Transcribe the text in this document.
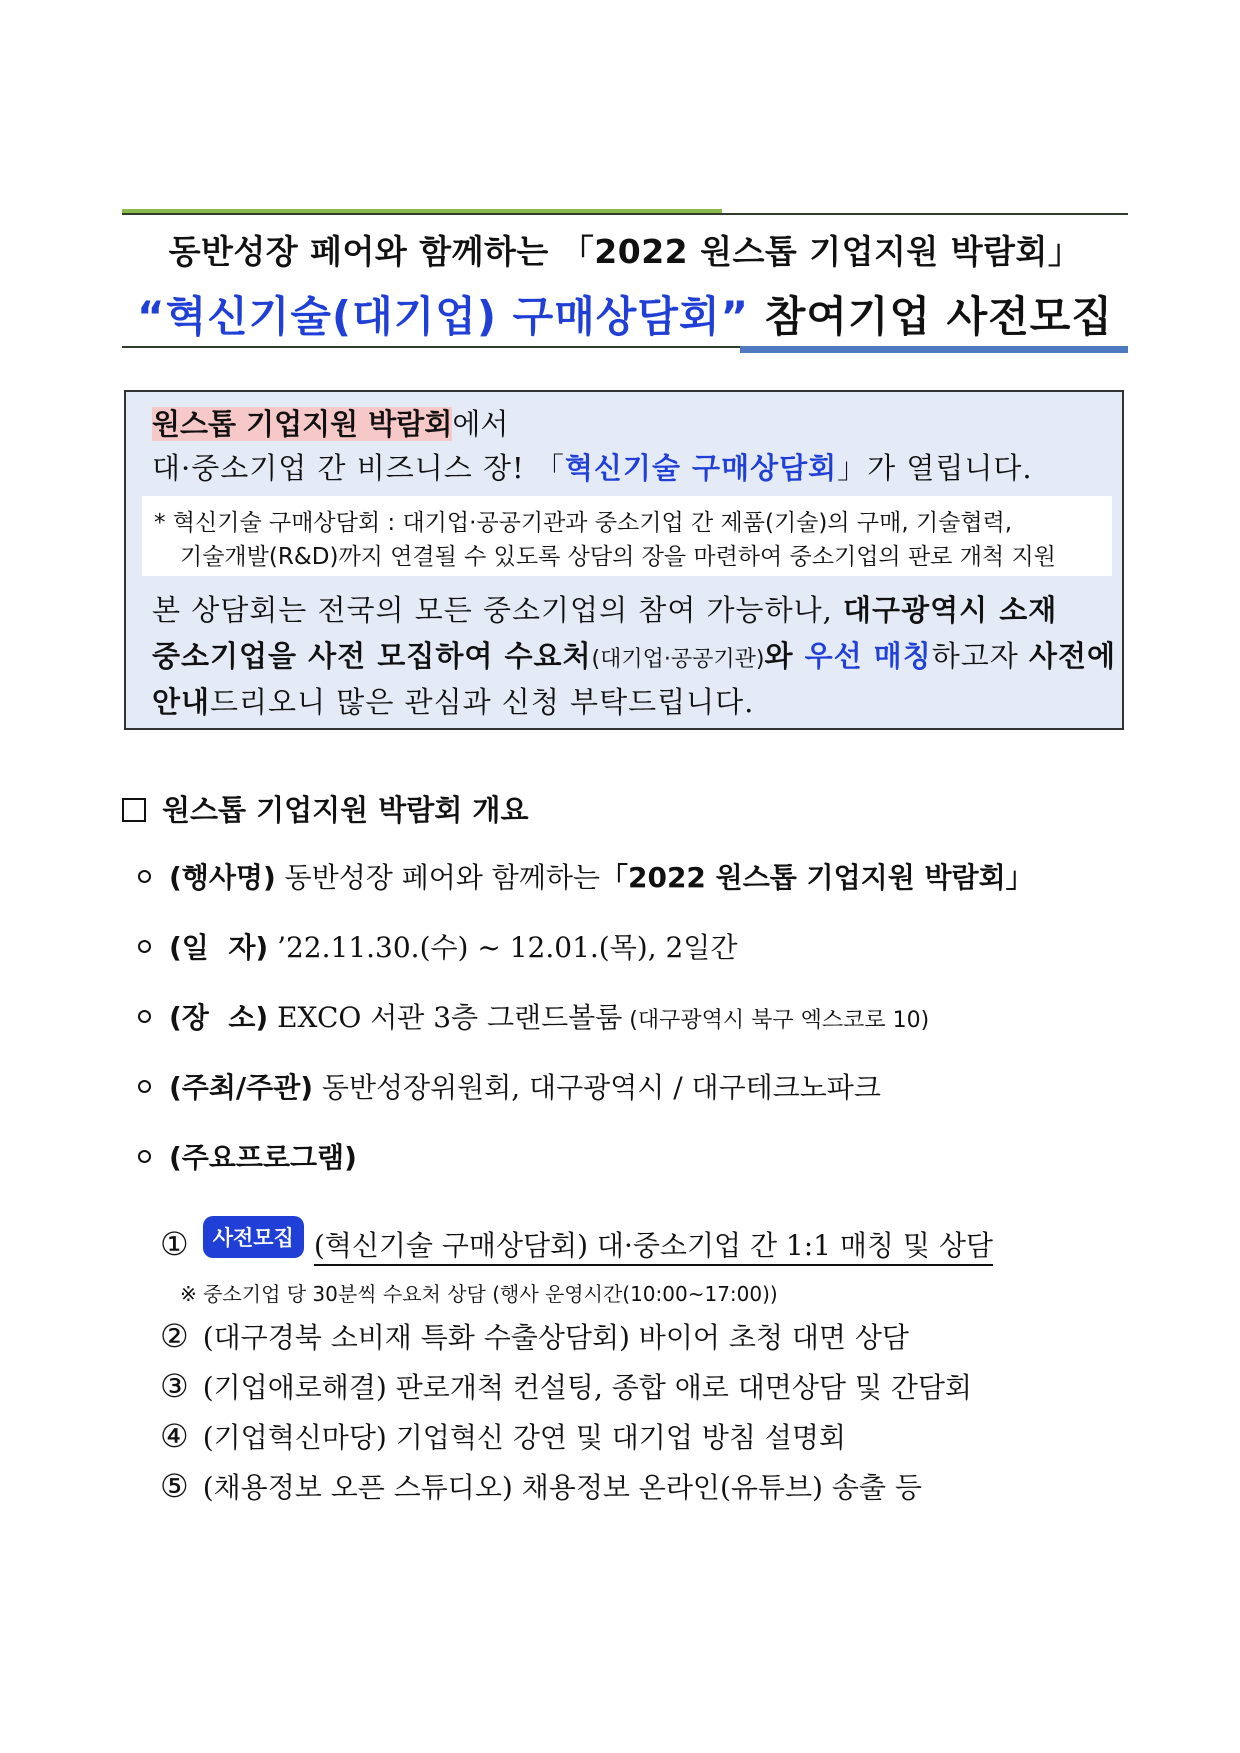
동반성장 페어와 함께하는 「2022 원스톱 기업지원 박람회」
“혁신기술(대기업) 구매상담회” 참여기업 사전모집
원스톱 기업지원 박람회에서
대·중소기업 간 비즈니스 장! 「혁신기술 구매상담회」가 열립니다.
* 혁신기술 구매상담회 : 대기업·공공기관과 중소기업 간 제품(기술)의 구매, 기술협력,
기술개발(R&D)까지 연결될 수 있도록 상담의 장을 마련하여 중소기업의 판로 개척 지원
본 상담회는 전국의 모든 중소기업의 참여 가능하나, 대구광역시 소재
중소기업을 사전 모집하여 수요처(대기업·공공기관)와 우선 매칭하고자 사전에
안내드리오니 많은 관심과 신청 부탁드립니다.
원스톱 기업지원 박람회 개요
(행사명) 동반성장 페어와 함께하는「2022 원스톱 기업지원 박람회」
(일  자) ’22.11.30.(수) ~ 12.01.(목), 2일간
(장  소) EXCO 서관 3층 그랜드볼룸 (대구광역시 북구 엑스코로 10)
(주최/주관) 동반성장위원회, 대구광역시 / 대구테크노파크
(주요프로그램)
① 사전모집 (혁신기술 구매상담회) 대·중소기업 간 1:1 매칭 및 상담
※ 중소기업 당 30분씩 수요처 상담 (행사 운영시간(10:00~17:00))
② (대구경북 소비재 특화 수출상담회) 바이어 초청 대면 상담
③ (기업애로해결) 판로개척 컨설팅, 종합 애로 대면상담 및 간담회
④ (기업혁신마당) 기업혁신 강연 및 대기업 방침 설명회
⑤ (채용정보 오픈 스튜디오) 채용정보 온라인(유튜브) 송출 등
